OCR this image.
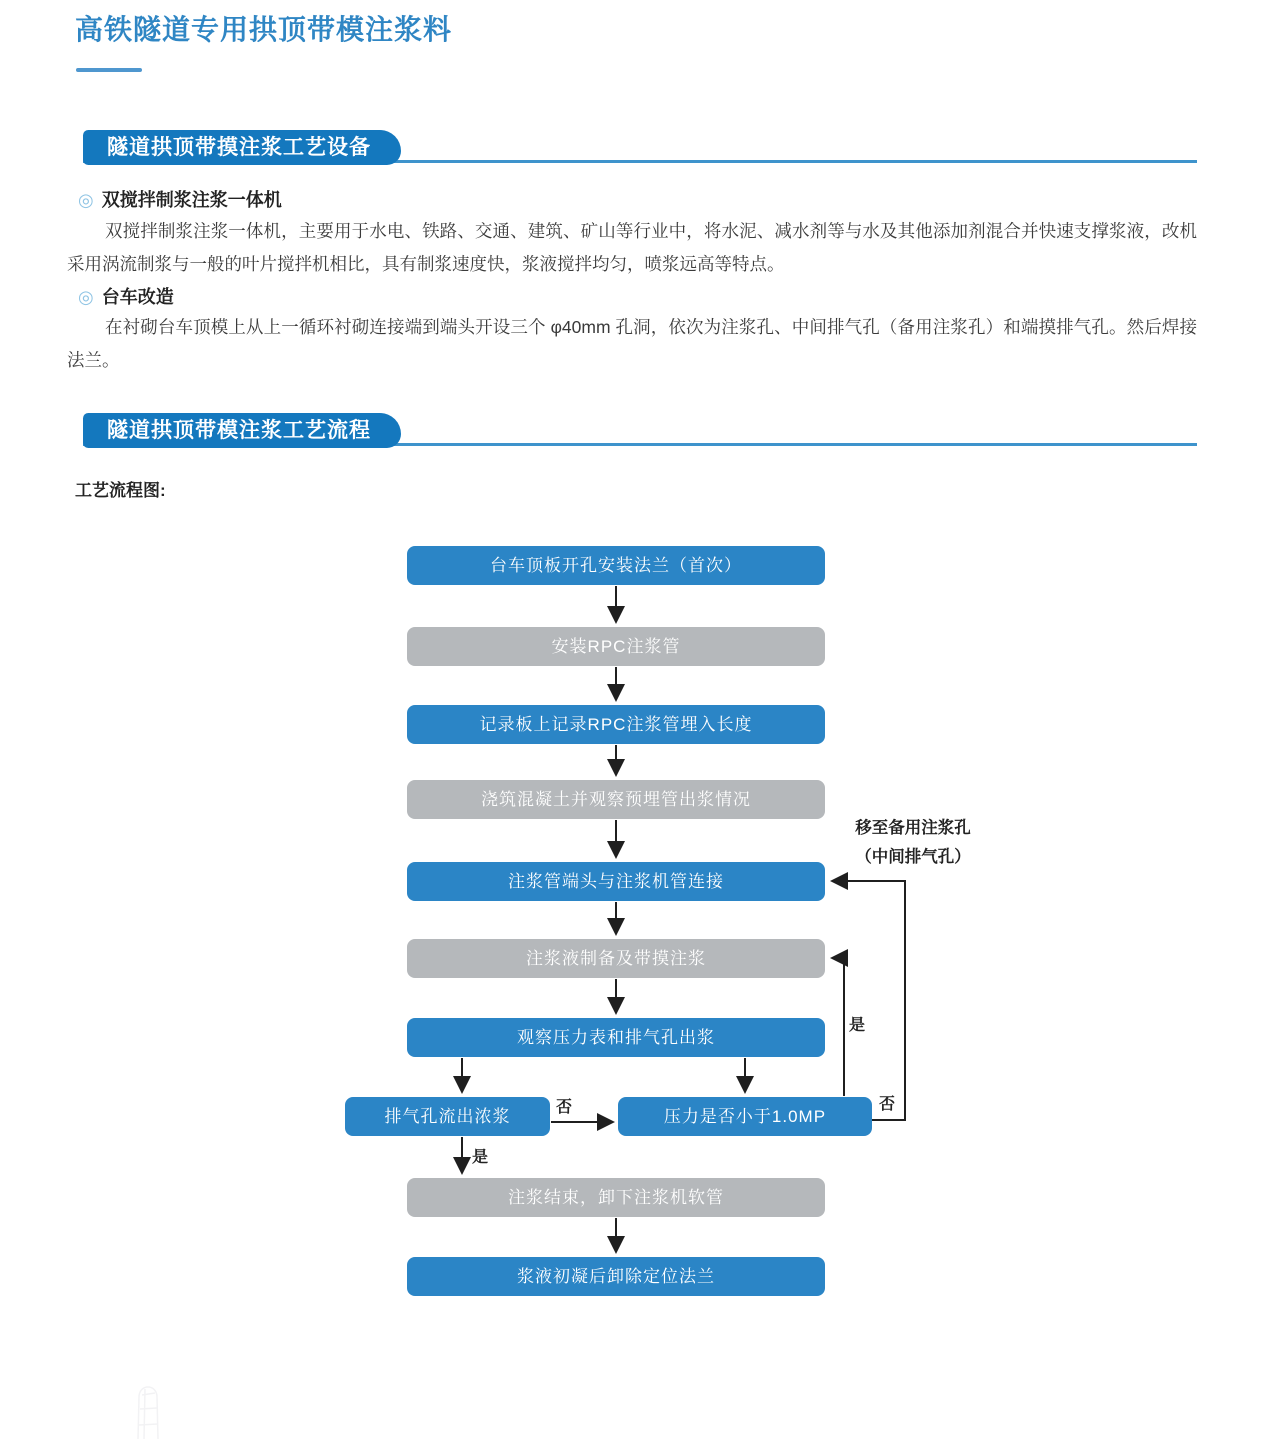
高铁隧道专用拱顶带模注浆料
隧道拱顶带摸注浆工艺设备
◎ 双搅拌制浆注浆一体机

双搅拌制浆注浆一体机，主要用于水电、铁路、交通、建筑、矿山等行业中，将水泥、减水剂等与水及其他添加剂混合并快速支撑浆液，改机采用涡流制浆与一般的叶片搅拌机相比，具有制浆速度快，浆液搅拌均匀，喷浆远高等特点。

◎ 台车改造

在衬砌台车顶模上从上一循环衬砌连接端到端头开设三个 φ40mm 孔洞，依次为注浆孔、中间排气孔（备用注浆孔）和端摸排气孔。然后焊接法兰。

隧道拱顶带模注浆工艺流程
工艺流程图:
台车顶板开孔安装法兰（首次）
安装RPC注浆管
记录板上记录RPC注浆管埋入长度
浇筑混凝土并观察预埋管出浆情况
注浆管端头与注浆机管连接
注浆液制备及带摸注浆
观察压力表和排气孔出浆
排气孔流出浓浆	压力是否小于1.0MP
注浆结束，卸下注浆机软管
浆液初凝后卸除定位法兰
否
是
是
否
移至备用注浆孔
（中间排气孔）
